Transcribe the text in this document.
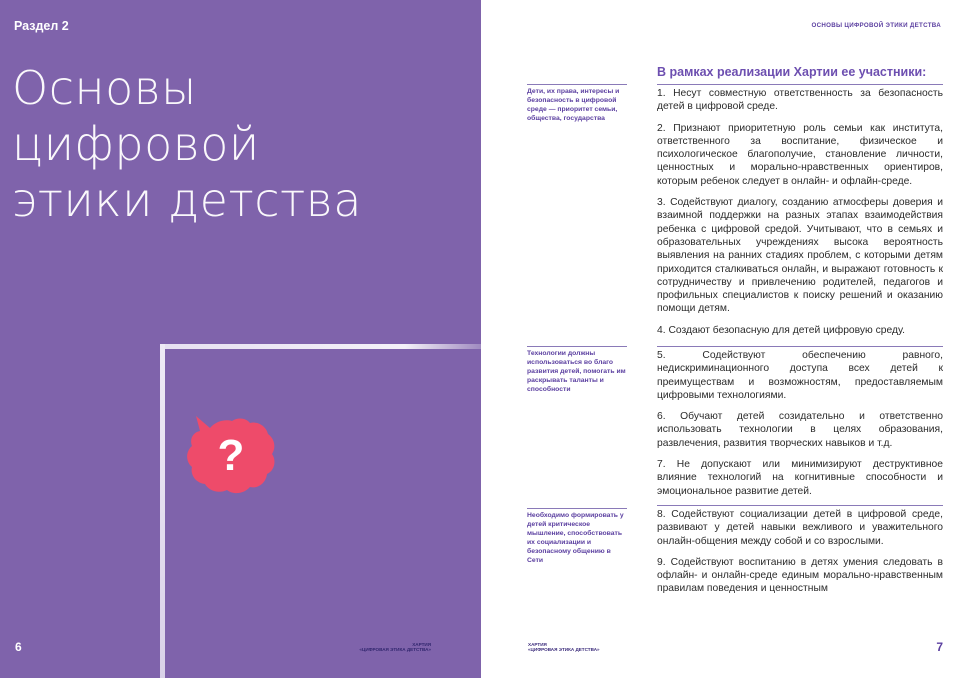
Раздел 2
Основы
цифровой
этики детства
?
6	ХАРТИЯ
«ЦИФРОВАЯ ЭТИКА ДЕТСТВА»
ОСНОВЫ ЦИФРОВОЙ ЭТИКИ ДЕТСТВА
В рамках реализации Хартии ее участники:
Дети, их права, интересы и безопасность в цифровой среде — приоритет семьи, общества, государства

1. Несут совместную ответственность за безопасность детей в цифровой среде.

2. Признают приоритетную роль семьи как института, ответственного за воспитание, физическое и психологическое благополучие, становление личности, ценностных и морально-нравственных ориентиров, которым ребенок следует в онлайн- и офлайн-среде.

3. Содействуют диалогу, созданию атмосферы доверия и взаимной поддержки на разных этапах взаимодействия ребенка с цифровой средой. Учитывают, что в семьях и образовательных учреждениях высока вероятность выявления на ранних стадиях проблем, с которыми детям приходится сталкиваться онлайн, и выражают готовность к сотрудничеству и привлечению родителей, педагогов и профильных специалистов к поиску решений и оказанию помощи детям.

4. Создают безопасную для детей цифровую среду.

Технологии должны использоваться во благо развития детей, помогать им раскрывать таланты и способности

5. Содействуют обеспечению равного, недискриминационного доступа всех детей к преимуществам и возможностям, предоставляемым цифровыми технологиями.

6. Обучают детей созидательно и ответственно использовать технологии в целях образования, развлечения, развития творческих навыков и т.д.

7. Не допускают или минимизируют деструктивное влияние технологий на когнитивные способности и эмоциональное развитие детей.

Необходимо формировать у детей критическое мышление, способствовать их социализации и безопасному общению в Сети

8. Содействуют социализации детей в цифровой среде, развивают у детей навыки вежливого и уважительного онлайн-общения между собой и со взрослыми.

9. Содействуют воспитанию в детях умения следовать в офлайн- и онлайн-среде единым морально-нравственным правилам поведения и ценностным

ХАРТИЯ
«ЦИФРОВАЯ ЭТИКА ДЕТСТВА»	7
